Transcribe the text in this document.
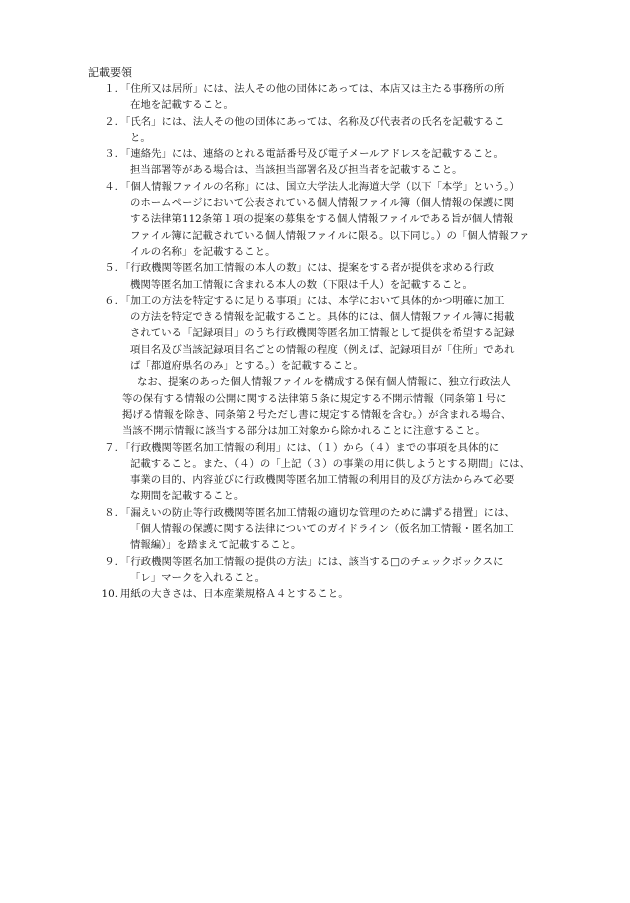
記載要領
１. 「住所又は居所」には、法人その他の団体にあっては、本店又は主たる事務所の所
在地を記載すること。
２. 「氏名」には、法人その他の団体にあっては、名称及び代表者の氏名を記載するこ
と。
３. 「連絡先」には、連絡のとれる電話番号及び電子メールアドレスを記載すること。
担当部署等がある場合は、当該担当部署名及び担当者を記載すること。
４. 「個人情報ファイルの名称」には、国立大学法人北海道大学（以下「本学」という。）
のホームページにおいて公表されている個人情報ファイル簿（個人情報の保護に関
する法律第112条第１項の提案の募集をする個人情報ファイルである旨が個人情報
ファイル簿に記載されている個人情報ファイルに限る。以下同じ。）の「個人情報ファ
イルの名称」を記載すること。
５. 「行政機関等匿名加工情報の本人の数」には、提案をする者が提供を求める行政
機関等匿名加工情報に含まれる本人の数（下限は千人）を記載すること。
６. 「加工の方法を特定するに足りる事項」には、本学において具体的かつ明確に加工
の方法を特定できる情報を記載すること。具体的には、個人情報ファイル簿に掲載
されている「記録項目」のうち行政機関等匿名加工情報として提供を希望する記録
項目名及び当該記録項目名ごとの情報の程度（例えば、記録項目が「住所」であれ
ば「都道府県名のみ」とする。）を記載すること。
なお、提案のあった個人情報ファイルを構成する保有個人情報に、独立行政法人
等の保有する情報の公開に関する法律第５条に規定する不開示情報（同条第１号に
掲げる情報を除き、同条第２号ただし書に規定する情報を含む。）が含まれる場合、
当該不開示情報に該当する部分は加工対象から除かれることに注意すること。
７. 「行政機関等匿名加工情報の利用」には、（１）から（４）までの事項を具体的に
記載すること。また、（４）の「上記（３）の事業の用に供しようとする期間」には、
事業の目的、内容並びに行政機関等匿名加工情報の利用目的及び方法からみて必要
な期間を記載すること。
８. 「漏えいの防止等行政機関等匿名加工情報の適切な管理のために講ずる措置」には、
「個人情報の保護に関する法律についてのガイドライン（仮名加工情報・匿名加工
情報編）」を踏まえて記載すること。
９. 「行政機関等匿名加工情報の提供の方法」には、該当する□のチェックボックスに
「レ」マークを入れること。
10. 用紙の大きさは、日本産業規格Ａ４とすること。
